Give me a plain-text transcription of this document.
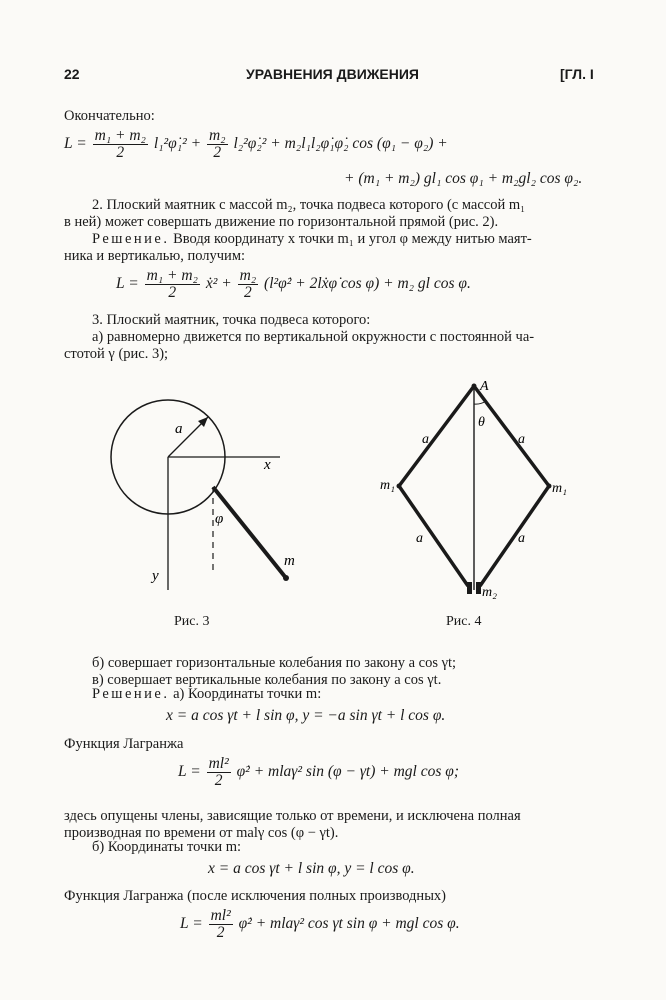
22	УРАВНЕНИЯ ДВИЖЕНИЯ	[ГЛ. I
Окончательно:
$L = \frac{\text{m₁ + m₂}}{2}$ l₁²φ̇₁² + $\frac{\text{m₂}}{2}$ l₂²φ̇₂² + m₂l₁l₂φ̇₁φ̇₂ cos (φ₁ − φ₂) +
+ (m₁ + m₂) gl₁ cos φ₁ + m₂gl₂ cos φ₂.
2. Плоский маятник с массой m₂, точка подвеса которого (с массой m₁
в ней) может совершать движение по горизонтальной прямой (рис. 2).
Решение. Вводя координату x точки m₁ и угол φ между нитью маят-
ника и вертикалью, получим:
$L = \frac{\text{m₁ + m₂}}{2}$ ẋ² + $\frac{\text{m₂}}{2}$ (l²φ̇² + 2lẋφ̇ cos φ) + m₂ gl cos φ.
3. Плоский маятник, точка подвеса которого:
а) равномерно движется по вертикальной окружности с постоянной ча-
стотой γ (рис. 3);
a
x
φ
y
m
Рис. 3
A
θ
a	a
a	a
m₁	m₁
m₂
Рис. 4
б) совершает горизонтальные колебания по закону a cos γt;
в) совершает вертикальные колебания по закону a cos γt.
Решение. а) Координаты точки m:
x = a cos γt + l sin φ, y = −a sin γt + l cos φ.
Функция Лагранжа
$L = \frac{\text{ml²}}{2}$ φ̇² + mlaγ² sin (φ − γt) + mgl cos φ;
здесь опущены члены, зависящие только от времени, и исключена полная
производная по времени от malγ cos (φ − γt).
б) Координаты точки m:
x = a cos γt + l sin φ, y = l cos φ.
Функция Лагранжа (после исключения полных производных)
$L = \frac{\text{ml²}}{2}$ φ̇² + mlaγ² cos γt sin φ + mgl cos φ.
